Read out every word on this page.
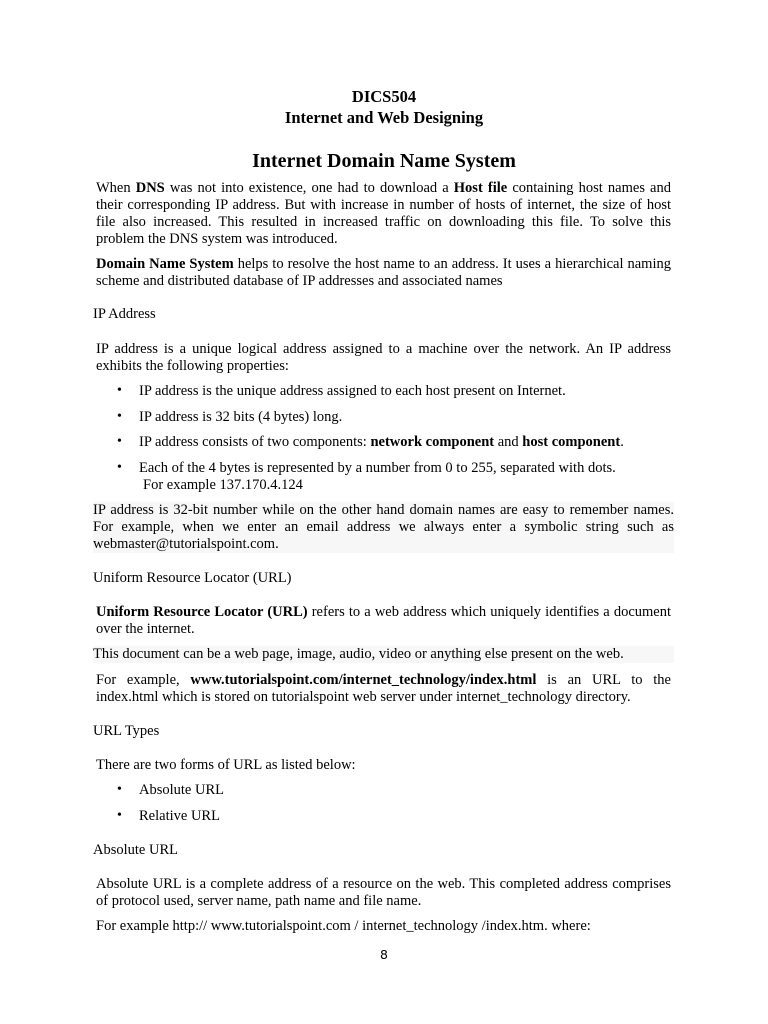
DICS504
Internet and Web Designing
Internet Domain Name System
When DNS was not into existence, one had to download a Host file containing host names and their corresponding IP address. But with increase in number of hosts of internet, the size of host file also increased. This resulted in increased traffic on downloading this file. To solve this problem the DNS system was introduced.
Domain Name System helps to resolve the host name to an address. It uses a hierarchical naming scheme and distributed database of IP addresses and associated names
IP Address
IP address is a unique logical address assigned to a machine over the network. An IP address exhibits the following properties:
• IP address is the unique address assigned to each host present on Internet.
• IP address is 32 bits (4 bytes) long.
• IP address consists of two components: network component and host component.
• Each of the 4 bytes is represented by a number from 0 to 255, separated with dots.
For example 137.170.4.124
IP address is 32-bit number while on the other hand domain names are easy to remember names. For example, when we enter an email address we always enter a symbolic string such as webmaster@tutorialspoint.com.
Uniform Resource Locator (URL)
Uniform Resource Locator (URL) refers to a web address which uniquely identifies a document over the internet.
This document can be a web page, image, audio, video or anything else present on the web.
For example, www.tutorialspoint.com/internet_technology/index.html is an URL to the index.html which is stored on tutorialspoint web server under internet_technology directory.
URL Types
There are two forms of URL as listed below:
• Absolute URL
• Relative URL
Absolute URL
Absolute URL is a complete address of a resource on the web. This completed address comprises of protocol used, server name, path name and file name.
For example http:// www.tutorialspoint.com / internet_technology /index.htm. where:
8
